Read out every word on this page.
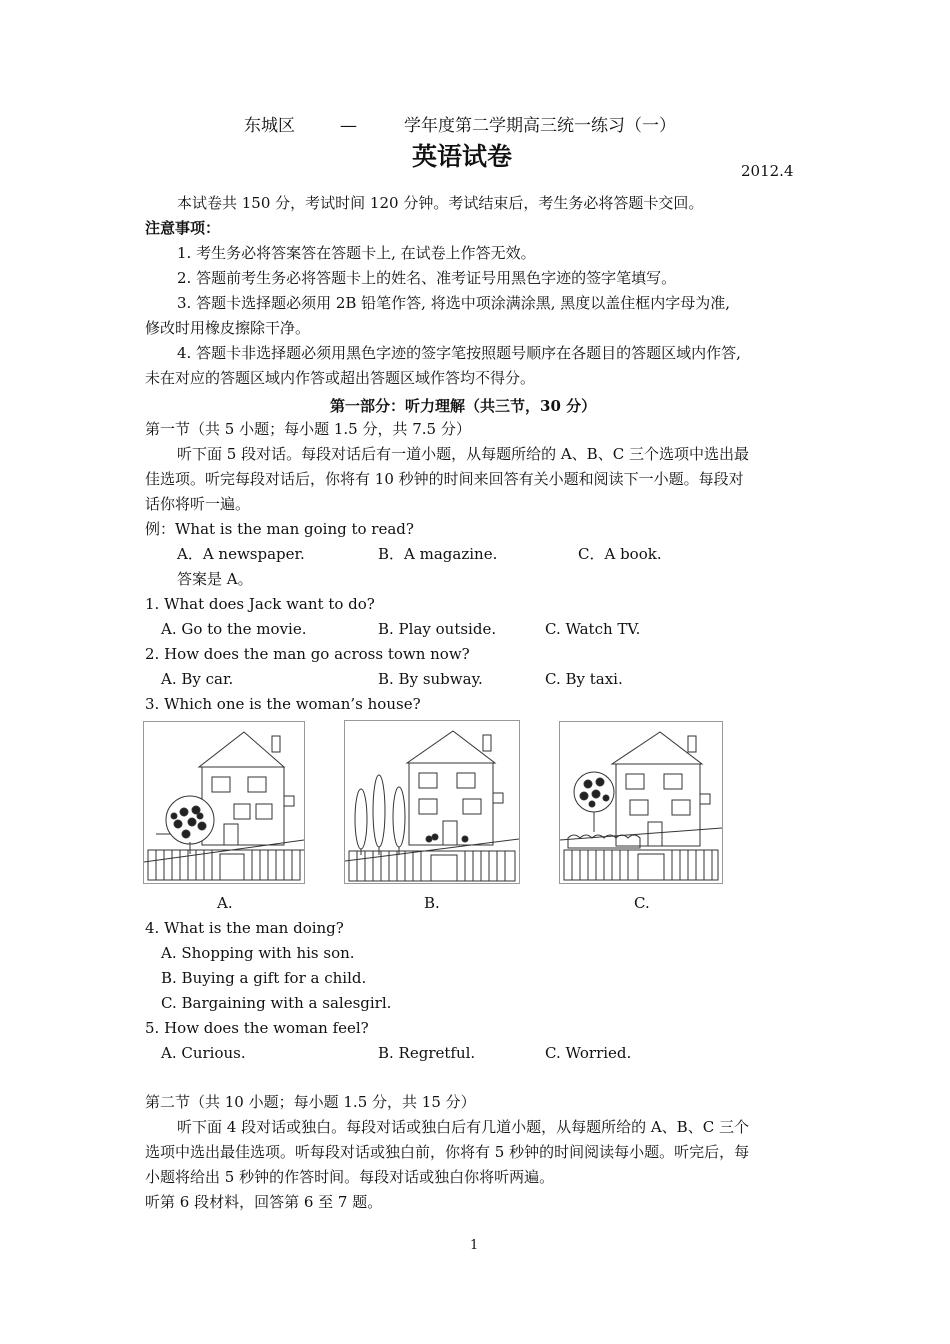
东城区	—	学年度第二学期高三统一练习（一）
英语试卷	2012.4
本试卷共 150 分，考试时间 120 分钟。考试结束后，考生务必将答题卡交回。
注意事项：
1. 考生务必将答案答在答题卡上, 在试卷上作答无效。
2. 答题前考生务必将答题卡上的姓名、准考证号用黑色字迹的签字笔填写。
3. 答题卡选择题必须用 2B 铅笔作答, 将选中项涂满涂黑, 黑度以盖住框内字母为准,
修改时用橡皮擦除干净。
4. 答题卡非选择题必须用黑色字迹的签字笔按照题号顺序在各题目的答题区域内作答,
未在对应的答题区域内作答或超出答题区域作答均不得分。
第一部分：听力理解（共三节，30 分）
第一节（共 5 小题；每小题 1.5 分，共 7.5 分）
听下面 5 段对话。每段对话后有一道小题，从每题所给的 A、B、C 三个选项中选出最
佳选项。听完每段对话后，你将有 10 秒钟的时间来回答有关小题和阅读下一小题。每段对
话你将听一遍。
例：What is the man going to read?
A．A newspaper.	B．A magazine.	C．A book.
答案是 A。
1. What does Jack want to do?
A. Go to the movie.	B. Play outside.	C. Watch TV.
2. How does the man go across town now?
A. By car.	B. By subway.	C. By taxi.
3. Which one is the woman’s house?
A.	B.	C.
4. What is the man doing?
A. Shopping with his son.
B. Buying a gift for a child.
C. Bargaining with a salesgirl.
5. How does the woman feel?
A. Curious.	B. Regretful.	C. Worried.
第二节（共 10 小题；每小题 1.5 分，共 15 分）
听下面 4 段对话或独白。每段对话或独白后有几道小题，从每题所给的 A、B、C 三个
选项中选出最佳选项。听每段对话或独白前，你将有 5 秒钟的时间阅读每小题。听完后，每
小题将给出 5 秒钟的作答时间。每段对话或独白你将听两遍。
听第 6 段材料，回答第 6 至 7 题。
1
